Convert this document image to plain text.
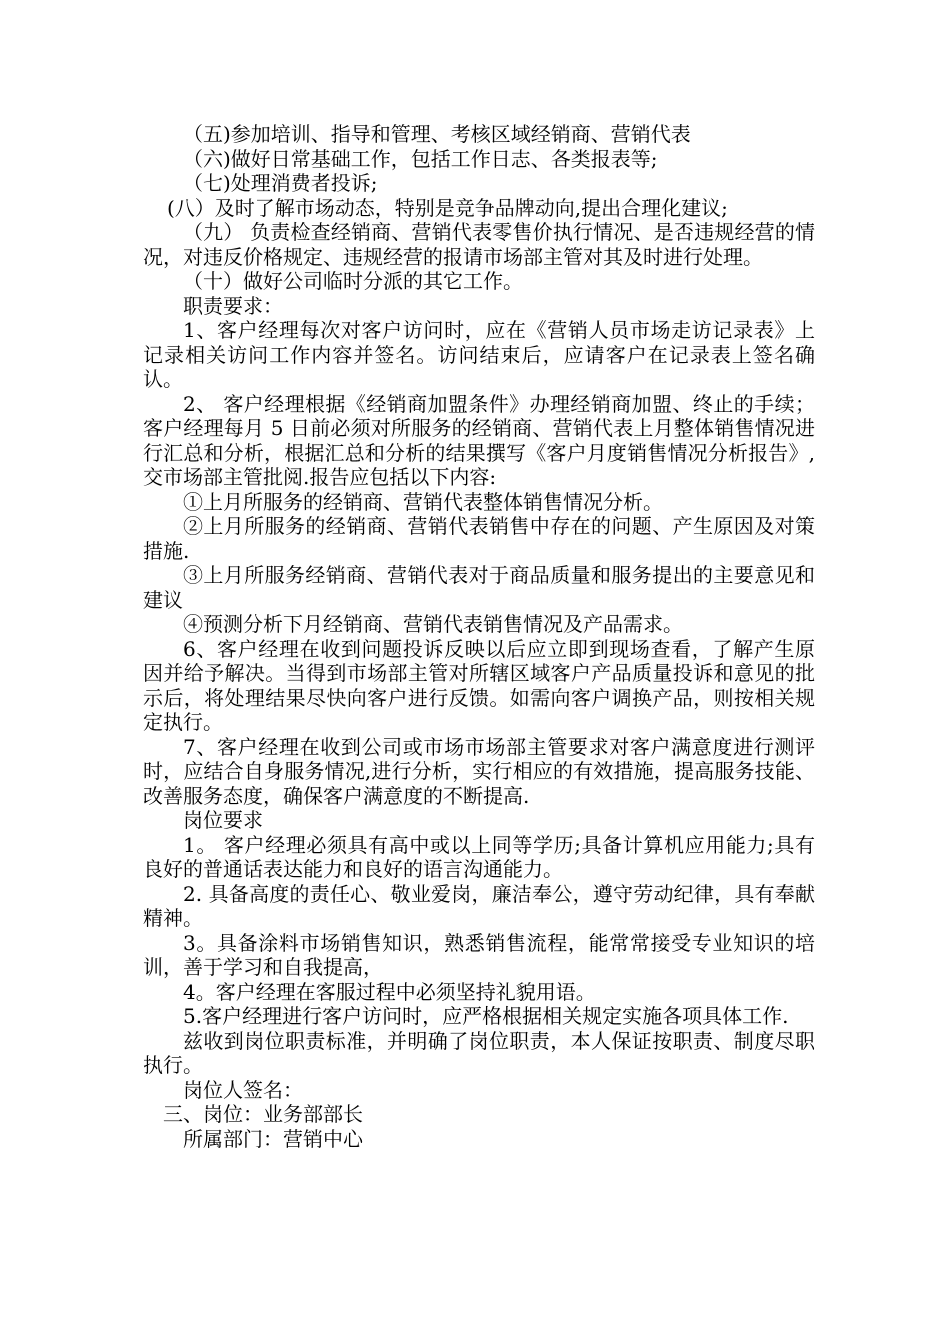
（五)参加培训、指导和管理、考核区域经销商、营销代表

（六)做好日常基础工作，包括工作日志、各类报表等;

（七)处理消费者投诉;

(八）及时了解市场动态，特别是竞争品牌动向,提出合理化建议;

（九） 负责检查经销商、营销代表零售价执行情况、是否违规经营的情况，对违反价格规定、违规经营的报请市场部主管对其及时进行处理。

（十）做好公司临时分派的其它工作。

职责要求：

1、客户经理每次对客户访问时，应在《营销人员市场走访记录表》上记录相关访问工作内容并签名。访问结束后，应请客户在记录表上签名确认。

2、 客户经理根据《经销商加盟条件》办理经销商加盟、终止的手续；客户经理每月 5 日前必须对所服务的经销商、营销代表上月整体销售情况进行汇总和分析，根据汇总和分析的结果撰写《客户月度销售情况分析报告》,交市场部主管批阅.报告应包括以下内容:

①上月所服务的经销商、营销代表整体销售情况分析。

②上月所服务的经销商、营销代表销售中存在的问题、产生原因及对策措施.

③上月所服务经销商、营销代表对于商品质量和服务提出的主要意见和建议

④预测分析下月经销商、营销代表销售情况及产品需求。

6、客户经理在收到问题投诉反映以后应立即到现场查看，了解产生原因并给予解决。当得到市场部主管对所辖区域客户产品质量投诉和意见的批示后，将处理结果尽快向客户进行反馈。如需向客户调换产品，则按相关规定执行。

7、客户经理在收到公司或市场市场部主管要求对客户满意度进行测评时，应结合自身服务情况,进行分析，实行相应的有效措施，提高服务技能、改善服务态度，确保客户满意度的不断提高.

岗位要求

1。 客户经理必须具有高中或以上同等学历;具备计算机应用能力;具有良好的普通话表达能力和良好的语言沟通能力。

2. 具备高度的责任心、敬业爱岗，廉洁奉公，遵守劳动纪律，具有奉献精神。

3。具备涂料市场销售知识，熟悉销售流程，能常常接受专业知识的培训，善于学习和自我提高，

4。客户经理在客服过程中必须坚持礼貌用语。

5.客户经理进行客户访问时，应严格根据相关规定实施各项具体工作.

兹收到岗位职责标准，并明确了岗位职责，本人保证按职责、制度尽职执行。

岗位人签名：

三、岗位：业务部部长

所属部门：营销中心
